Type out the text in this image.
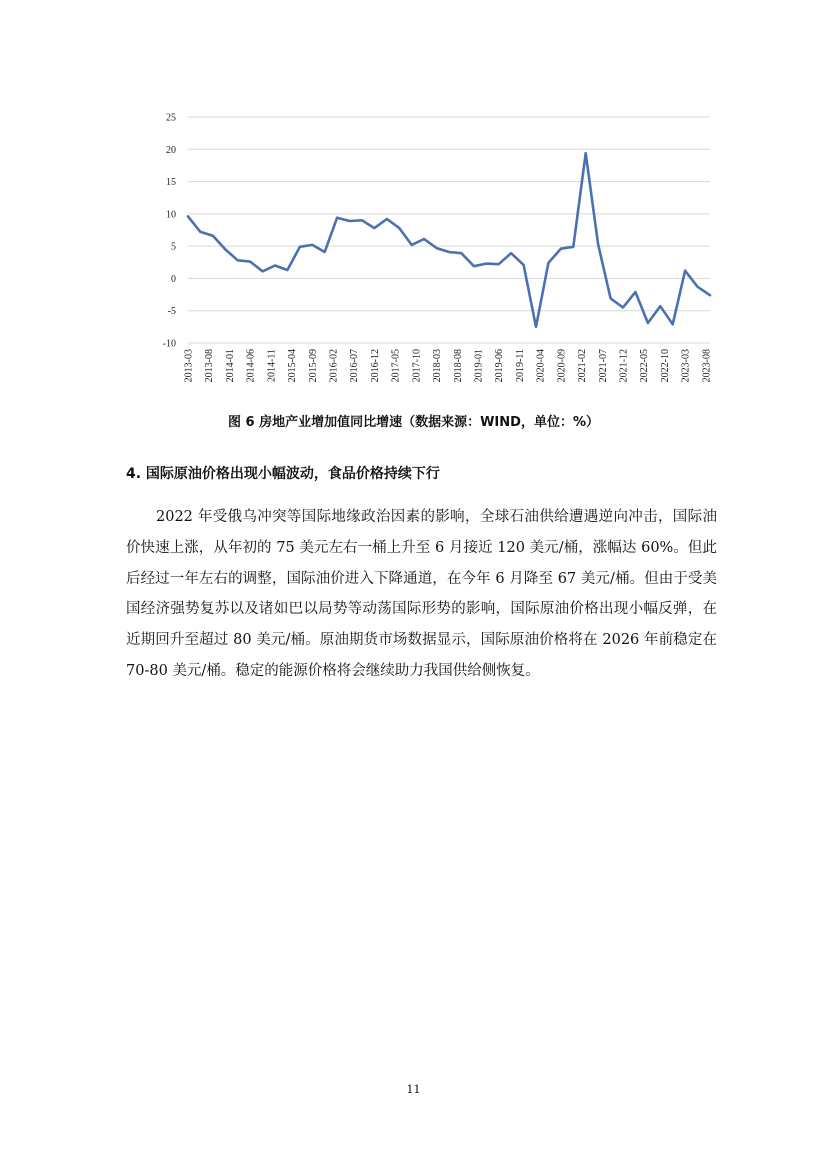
25
20
15
10
5
0
-5
-10
2013-03 2013-08 2014-01 2014-06 2014-11 2015-04 2015-09 2016-02 2016-07 2016-12 2017-05 2017-10 2018-03 2018-08 2019-01 2019-06 2019-11 2020-04 2020-09 2021-02 2021-07 2021-12 2022-05 2022-10 2023-03 2023-08
图 6 房地产业增加值同比增速（数据来源：WIND，单位：%）
4. 国际原油价格出现小幅波动，食品价格持续下行

2022 年受俄乌冲突等国际地缘政治因素的影响，全球石油供给遭遇逆向冲击，国际油价快速上涨，从年初的 75 美元左右一桶上升至 6 月接近 120 美元/桶，涨幅达 60%。但此后经过一年左右的调整，国际油价进入下降通道，在今年 6 月降至 67 美元/桶。但由于受美国经济强势复苏以及诸如巴以局势等动荡国际形势的影响，国际原油价格出现小幅反弹，在近期回升至超过 80 美元/桶。原油期货市场数据显示，国际原油价格将在 2026 年前稳定在 70-80 美元/桶。稳定的能源价格将会继续助力我国供给侧恢复。

11
